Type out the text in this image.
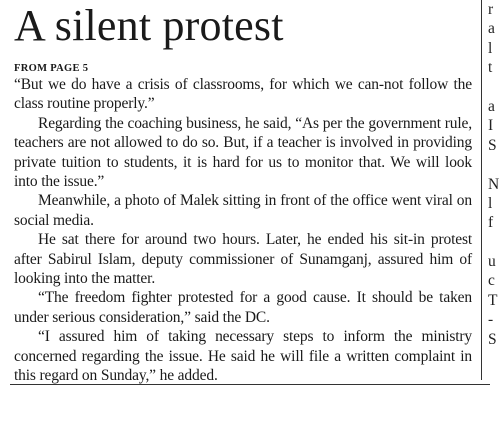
A silent protest
FROM PAGE 5

“But we do have a crisis of classrooms, for which we can-not follow the class routine properly.”

Regarding the coaching business, he said, “As per the government rule, teachers are not allowed to do so. But, if a teacher is involved in providing private tuition to students, it is hard for us to monitor that. We will look into the issue.”

Meanwhile, a photo of Malek sitting in front of the office went viral on social media.

He sat there for around two hours. Later, he ended his sit-in protest after Sabirul Islam, deputy commissioner of Sunamganj, assured him of looking into the matter.

“The freedom fighter protested for a good cause. It should be taken under serious consideration,” said the DC.

“I assured him of taking necessary steps to inform the ministry concerned regarding the issue. He said he will file a written complaint in this regard on Sunday,” he added.

r
a
l
t
a
I
S
N
l
f
u
c
T
-
S
